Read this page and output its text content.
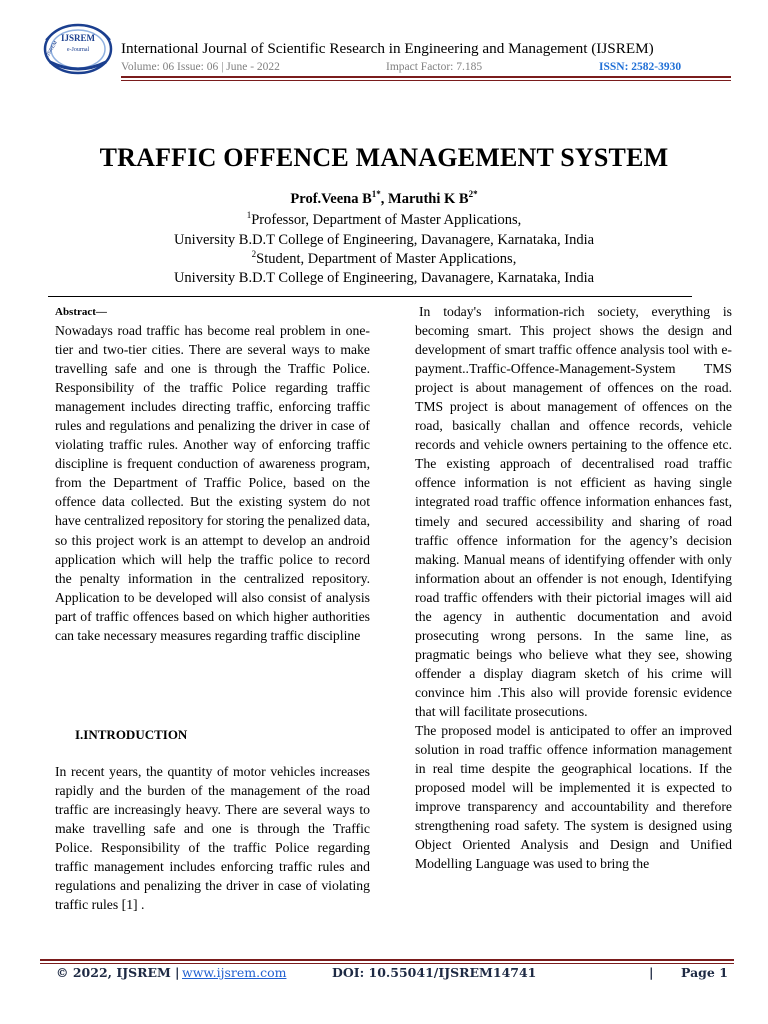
IJSREM
e-Journal
IJSREM	International Journal of Scientific Research in Engineering and Management (IJSREM)
Volume: 06 Issue: 06 | June - 2022	Impact Factor: 7.185	ISSN: 2582-3930
TRAFFIC OFFENCE MANAGEMENT SYSTEM
Prof.Veena $B^{1*}$, Maruthi K $B^{2*}$
$^1$Professor, Department of Master Applications,
University B.D.T College of Engineering, Davanagere, Karnataka, India
$^2$Student, Department of Master Applications,
University B.D.T College of Engineering, Davanagere, Karnataka, India
Abstract—

Nowadays road traffic has become real problem in one-tier and two-tier cities. There are several ways to make travelling safe and one is through the Traffic Police. Responsibility of the traffic Police regarding traffic management includes directing traffic, enforcing traffic rules and regulations and penalizing the driver in case of violating traffic rules. Another way of enforcing traffic discipline is frequent conduction of awareness program, from the Department of Traffic Police, based on the offence data collected. But the existing system do not have centralized repository for storing the penalized data, so this project work is an attempt to develop an android application which will help the traffic police to record the penalty information in the centralized repository. Application to be developed will also consist of analysis part of traffic offences based on which higher authorities can take necessary measures regarding traffic discipline

I.INTRODUCTION

In recent years, the quantity of motor vehicles increases rapidly and the burden of the management of the road traffic are increasingly heavy. There are several ways to make travelling safe and one is through the Traffic Police. Responsibility of the traffic Police regarding traffic management includes enforcing traffic rules and regulations and penalizing the driver in case of violating traffic rules [1] .

In today's information-rich society, everything is becoming smart. This project shows the design and development of smart traffic offence analysis tool with e-payment..Traffic-Offence-Management-System TMS project is about management of offences on the road. TMS project is about management of offences on the road, basically challan and offence records, vehicle records and vehicle owners pertaining to the offence etc. The existing approach of decentralised road traffic offence information is not efficient as having single integrated road traffic offence information enhances fast, timely and secured accessibility and sharing of road traffic offence information for the agency’s decision making. Manual means of identifying offender with only information about an offender is not enough, Identifying road traffic offenders with their pictorial images will aid the agency in authentic documentation and avoid prosecuting wrong persons. In the same line, as pragmatic beings who believe what they see, showing offender a display diagram sketch of his crime will convince him .This also will provide forensic evidence that will facilitate prosecutions.

The proposed model is anticipated to offer an improved solution in road traffic offence information management in real time despite the geographical locations. If the proposed model will be implemented it is expected to improve transparency and accountability and therefore strengthening road safety. The system is designed using Object Oriented Analysis and Design and Unified Modelling Language was used to bring the

© 2022, IJSREM | www.ijsrem.com	DOI: 10.55041/IJSREM14741	| Page 1
